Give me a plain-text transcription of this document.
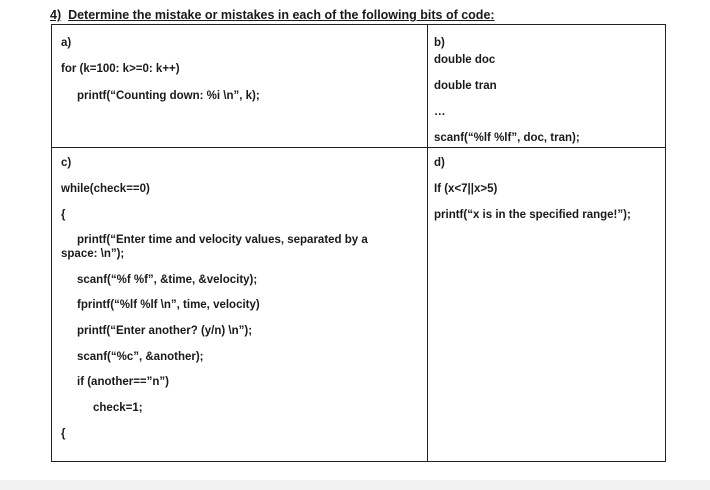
4) Determine the mistake or mistakes in each of the following bits of code:
a)
for (k=100: k>=0: k++)
printf(“Counting down: %i \n”, k);
b)
double doc
double tran
…
scanf(“%lf %lf”, doc, tran);
c)
while(check==0)
{
printf(“Enter time and velocity values, separated by a
space: \n”);
scanf(“%f %f”, &time, &velocity);
fprintf(“%lf %lf \n”, time, velocity)
printf(“Enter another? (y/n) \n”);
scanf(“%c”, &another);
if (another==”n”)
check=1;
{
d)
If (x<7||x>5)
printf(“x is in the specified range!”);
